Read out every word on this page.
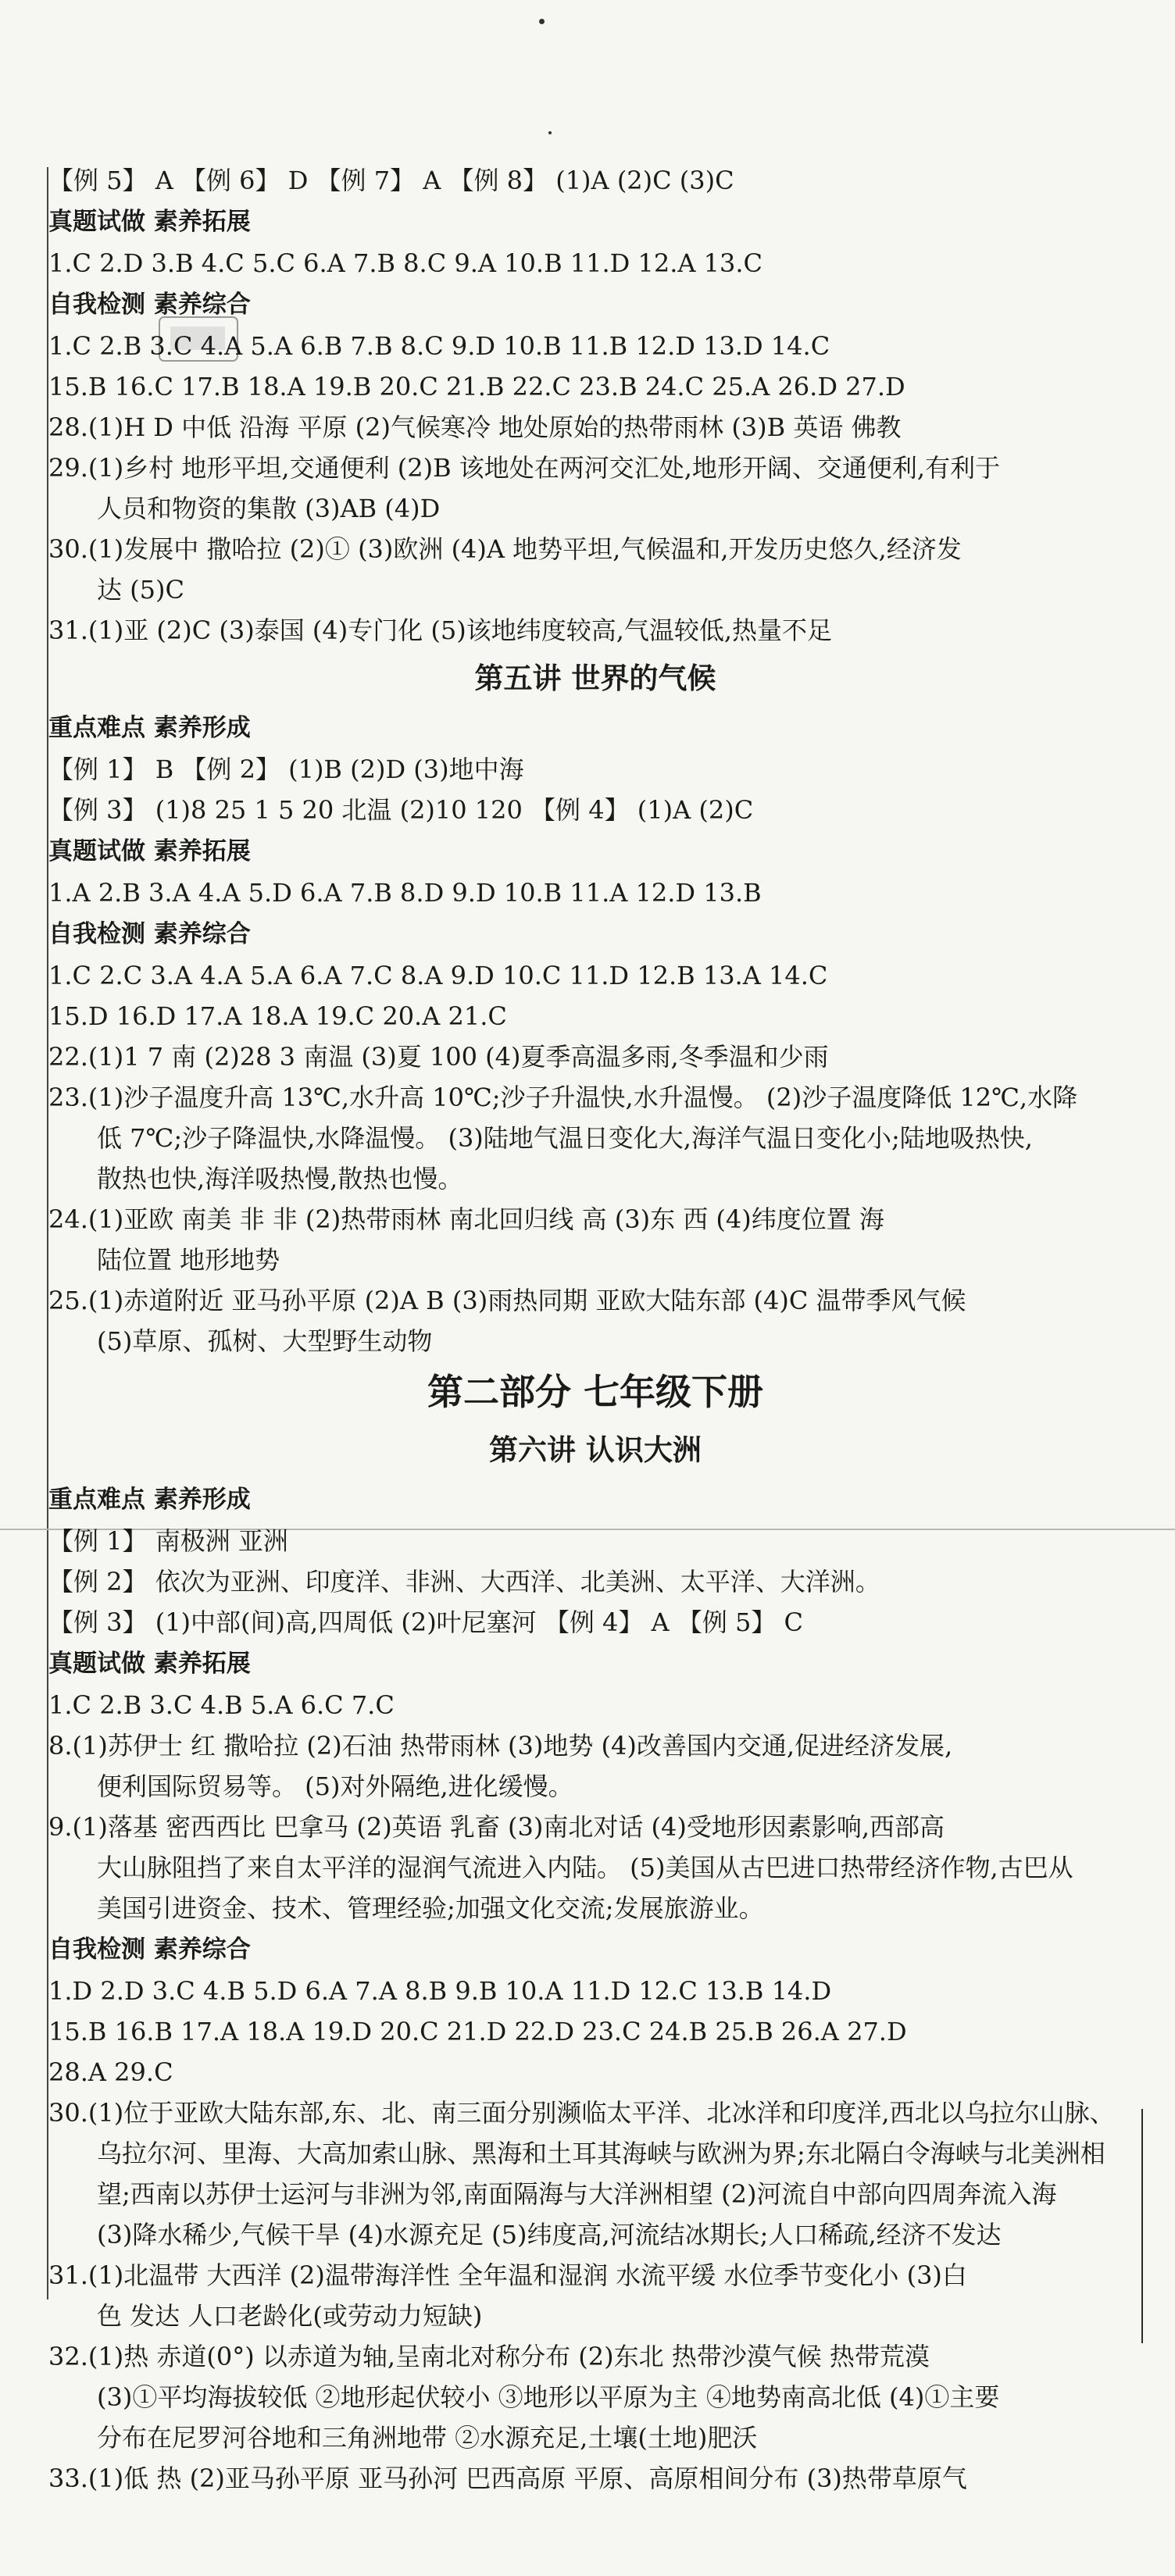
【例 5】 A 【例 6】 D 【例 7】 A 【例 8】 (1)A (2)C (3)C
真题试做 素养拓展
1.C 2.D 3.B 4.C 5.C 6.A 7.B 8.C 9.A 10.B 11.D 12.A 13.C
自我检测 素养综合
1.C 2.B 3.C 4.A 5.A 6.B 7.B 8.C 9.D 10.B 11.B 12.D 13.D 14.C
15.B 16.C 17.B 18.A 19.B 20.C 21.B 22.C 23.B 24.C 25.A 26.D 27.D
28.(1)H D 中低 沿海 平原 (2)气候寒冷 地处原始的热带雨林 (3)B 英语 佛教
29.(1)乡村 地形平坦,交通便利 (2)B 该地处在两河交汇处,地形开阔、交通便利,有利于
人员和物资的集散 (3)AB (4)D
30.(1)发展中 撒哈拉 (2)① (3)欧洲 (4)A 地势平坦,气候温和,开发历史悠久,经济发
达 (5)C
31.(1)亚 (2)C (3)泰国 (4)专门化 (5)该地纬度较高,气温较低,热量不足
第五讲 世界的气候
重点难点 素养形成
【例 1】 B 【例 2】 (1)B (2)D (3)地中海
【例 3】 (1)8 25 1 5 20 北温 (2)10 120 【例 4】 (1)A (2)C
真题试做 素养拓展
1.A 2.B 3.A 4.A 5.D 6.A 7.B 8.D 9.D 10.B 11.A 12.D 13.B
自我检测 素养综合
1.C 2.C 3.A 4.A 5.A 6.A 7.C 8.A 9.D 10.C 11.D 12.B 13.A 14.C
15.D 16.D 17.A 18.A 19.C 20.A 21.C
22.(1)1 7 南 (2)28 3 南温 (3)夏 100 (4)夏季高温多雨,冬季温和少雨
23.(1)沙子温度升高 13℃,水升高 10℃;沙子升温快,水升温慢。 (2)沙子温度降低 12℃,水降
低 7℃;沙子降温快,水降温慢。 (3)陆地气温日变化大,海洋气温日变化小;陆地吸热快,
散热也快,海洋吸热慢,散热也慢。
24.(1)亚欧 南美 非 非 (2)热带雨林 南北回归线 高 (3)东 西 (4)纬度位置 海
陆位置 地形地势
25.(1)赤道附近 亚马孙平原 (2)A B (3)雨热同期 亚欧大陆东部 (4)C 温带季风气候
(5)草原、孤树、大型野生动物
第二部分 七年级下册
第六讲 认识大洲
重点难点 素养形成
【例 1】 南极洲 亚洲
【例 2】 依次为亚洲、印度洋、非洲、大西洋、北美洲、太平洋、大洋洲。
【例 3】 (1)中部(间)高,四周低 (2)叶尼塞河 【例 4】 A 【例 5】 C
真题试做 素养拓展
1.C 2.B 3.C 4.B 5.A 6.C 7.C
8.(1)苏伊士 红 撒哈拉 (2)石油 热带雨林 (3)地势 (4)改善国内交通,促进经济发展,
便利国际贸易等。 (5)对外隔绝,进化缓慢。
9.(1)落基 密西西比 巴拿马 (2)英语 乳畜 (3)南北对话 (4)受地形因素影响,西部高
大山脉阻挡了来自太平洋的湿润气流进入内陆。 (5)美国从古巴进口热带经济作物,古巴从
美国引进资金、技术、管理经验;加强文化交流;发展旅游业。
自我检测 素养综合
1.D 2.D 3.C 4.B 5.D 6.A 7.A 8.B 9.B 10.A 11.D 12.C 13.B 14.D
15.B 16.B 17.A 18.A 19.D 20.C 21.D 22.D 23.C 24.B 25.B 26.A 27.D
28.A 29.C
30.(1)位于亚欧大陆东部,东、北、南三面分别濒临太平洋、北冰洋和印度洋,西北以乌拉尔山脉、
乌拉尔河、里海、大高加索山脉、黑海和土耳其海峡与欧洲为界;东北隔白令海峡与北美洲相
望;西南以苏伊士运河与非洲为邻,南面隔海与大洋洲相望 (2)河流自中部向四周奔流入海
(3)降水稀少,气候干旱 (4)水源充足 (5)纬度高,河流结冰期长;人口稀疏,经济不发达
31.(1)北温带 大西洋 (2)温带海洋性 全年温和湿润 水流平缓 水位季节变化小 (3)白
色 发达 人口老龄化(或劳动力短缺)
32.(1)热 赤道(0°) 以赤道为轴,呈南北对称分布 (2)东北 热带沙漠气候 热带荒漠
(3)①平均海拔较低 ②地形起伏较小 ③地形以平原为主 ④地势南高北低 (4)①主要
分布在尼罗河谷地和三角洲地带 ②水源充足,土壤(土地)肥沃
33.(1)低 热 (2)亚马孙平原 亚马孙河 巴西高原 平原、高原相间分布 (3)热带草原气
